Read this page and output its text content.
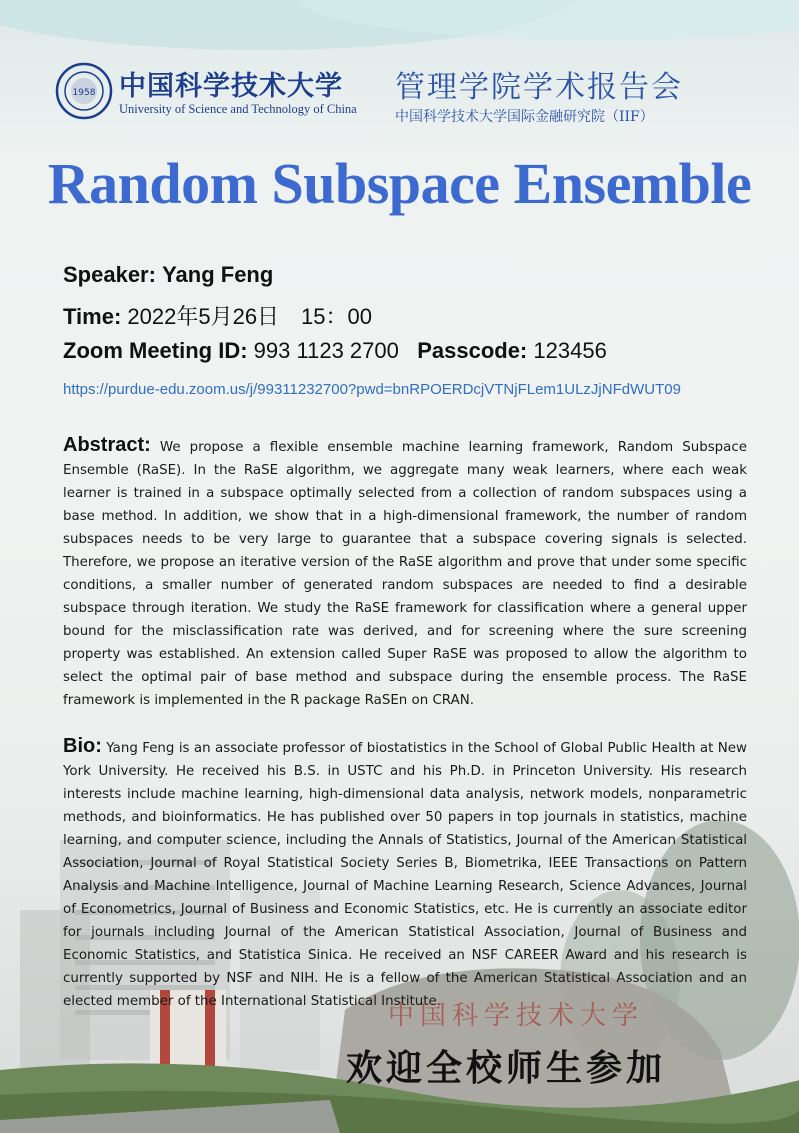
1958 中国科学技术大学
University of Science and Technology of China
管理学院学术报告会
中国科学技术大学国际金融研究院（IIF）
Random Subspace Ensemble
Speaker: Yang Feng
Time: 2022年5月26日　15：00
Zoom Meeting ID: 993 1123 2700 Passcode: 123456
https://purdue-edu.zoom.us/j/99311232700?pwd=bnRPOERDcjVTNjFLem1ULzJjNFdWUT09
Abstract: We propose a flexible ensemble machine learning framework, Random Subspace Ensemble (RaSE). In the RaSE algorithm, we aggregate many weak learners, where each weak learner is trained in a subspace optimally selected from a collection of random subspaces using a base method. In addition, we show that in a high-dimensional framework, the number of random subspaces needs to be very large to guarantee that a subspace covering signals is selected. Therefore, we propose an iterative version of the RaSE algorithm and prove that under some specific conditions, a smaller number of generated random subspaces are needed to find a desirable subspace through iteration. We study the RaSE framework for classification where a general upper bound for the misclassification rate was derived, and for screening where the sure screening property was established. An extension called Super RaSE was proposed to allow the algorithm to select the optimal pair of base method and subspace during the ensemble process. The RaSE framework is implemented in the R package RaSEn on CRAN.
Bio: Yang Feng is an associate professor of biostatistics in the School of Global Public Health at New York University. He received his B.S. in USTC and his Ph.D. in Princeton University. His research interests include machine learning, high-dimensional data analysis, network models, nonparametric methods, and bioinformatics. He has published over 50 papers in top journals in statistics, machine learning, and computer science, including the Annals of Statistics, Journal of the American Statistical Association, Journal of Royal Statistical Society Series B, Biometrika, IEEE Transactions on Pattern Analysis and Machine Intelligence, Journal of Machine Learning Research, Science Advances, Journal of Econometrics, Journal of Business and Economic Statistics, etc. He is currently an associate editor for journals including Journal of the American Statistical Association, Journal of Business and Economic Statistics, and Statistica Sinica. He received an NSF CAREER Award and his research is currently supported by NSF and NIH. He is a fellow of the American Statistical Association and an elected member of the International Statistical Institute.
中国科学技术大学
欢迎全校师生参加
